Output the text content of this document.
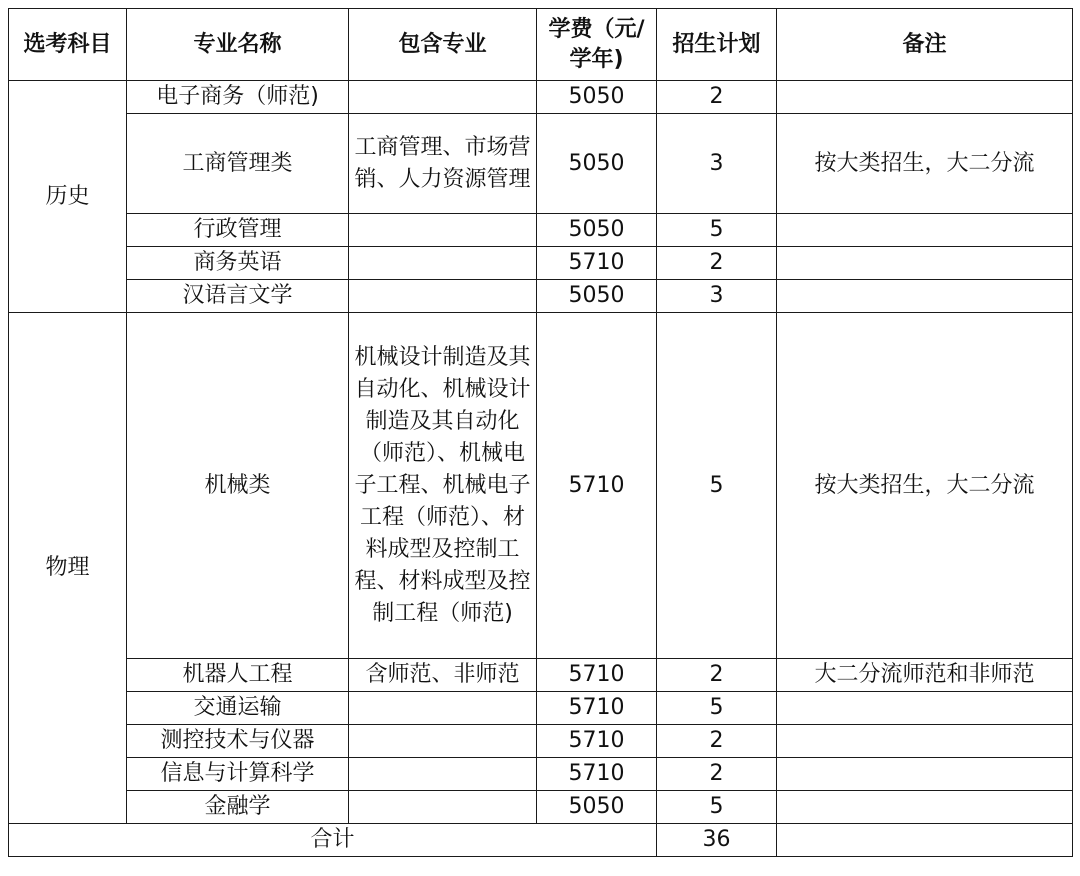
选考科目	专业名称	包含专业	学费（元/学年)	招生计划	备注
历史	电子商务（师范)		5050	2	
	工商管理类	工商管理、市场营销、人力资源管理	5050	3	按大类招生，大二分流
	行政管理		5050	5	
	商务英语		5710	2	
	汉语言文学		5050	3	
物理	机械类	机械设计制造及其自动化、机械设计制造及其自动化（师范）、机械电子工程、机械电子工程（师范）、材料成型及控制工程、材料成型及控制工程（师范)	5710	5	按大类招生，大二分流
	机器人工程	含师范、非师范	5710	2	大二分流师范和非师范
	交通运输		5710	5	
	测控技术与仪器		5710	2	
	信息与计算科学		5710	2	
	金融学		5050	5	
合计				36	
